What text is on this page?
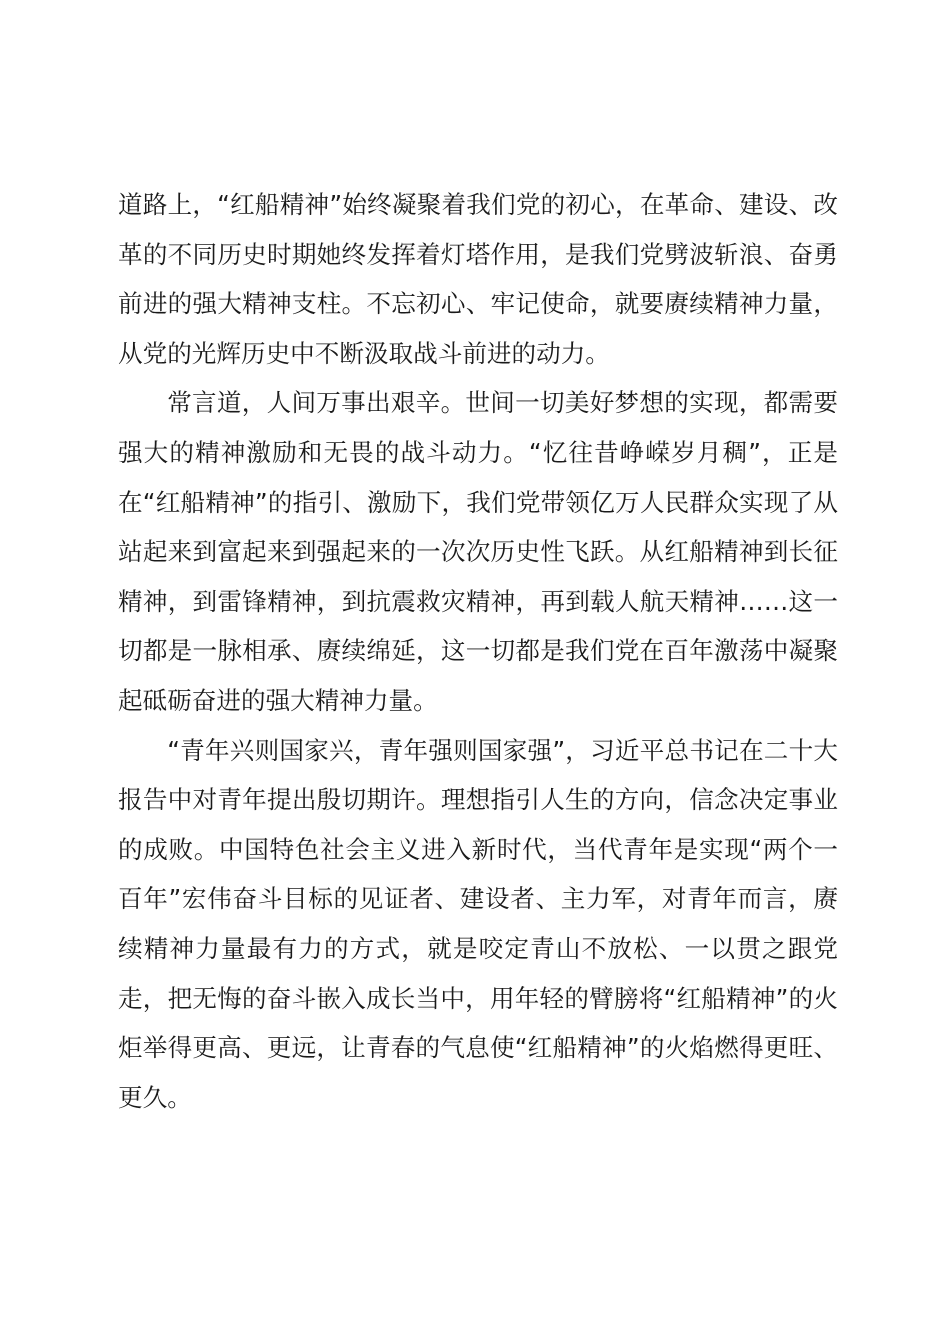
道路上，“红船精神”始终凝聚着我们党的初心，在革命、建设、改革的不同历史时期她终发挥着灯塔作用，是我们党劈波斩浪、奋勇前进的强大精神支柱。不忘初心、牢记使命，就要赓续精神力量，从党的光辉历史中不断汲取战斗前进的动力。

常言道，人间万事出艰辛。世间一切美好梦想的实现，都需要强大的精神激励和无畏的战斗动力。“忆往昔峥嵘岁月稠”，正是在“红船精神”的指引、激励下，我们党带领亿万人民群众实现了从站起来到富起来到强起来的一次次历史性飞跃。从红船精神到长征精神，到雷锋精神，到抗震救灾精神，再到载人航天精神……这一切都是一脉相承、赓续绵延，这一切都是我们党在百年激荡中凝聚起砥砺奋进的强大精神力量。

“青年兴则国家兴，青年强则国家强”，习近平总书记在二十大报告中对青年提出殷切期许。理想指引人生的方向，信念决定事业的成败。中国特色社会主义进入新时代，当代青年是实现“两个一百年”宏伟奋斗目标的见证者、建设者、主力军，对青年而言，赓续精神力量最有力的方式，就是咬定青山不放松、一以贯之跟党走，把无悔的奋斗嵌入成长当中，用年轻的臂膀将“红船精神”的火炬举得更高、更远，让青春的气息使“红船精神”的火焰燃得更旺、更久。
